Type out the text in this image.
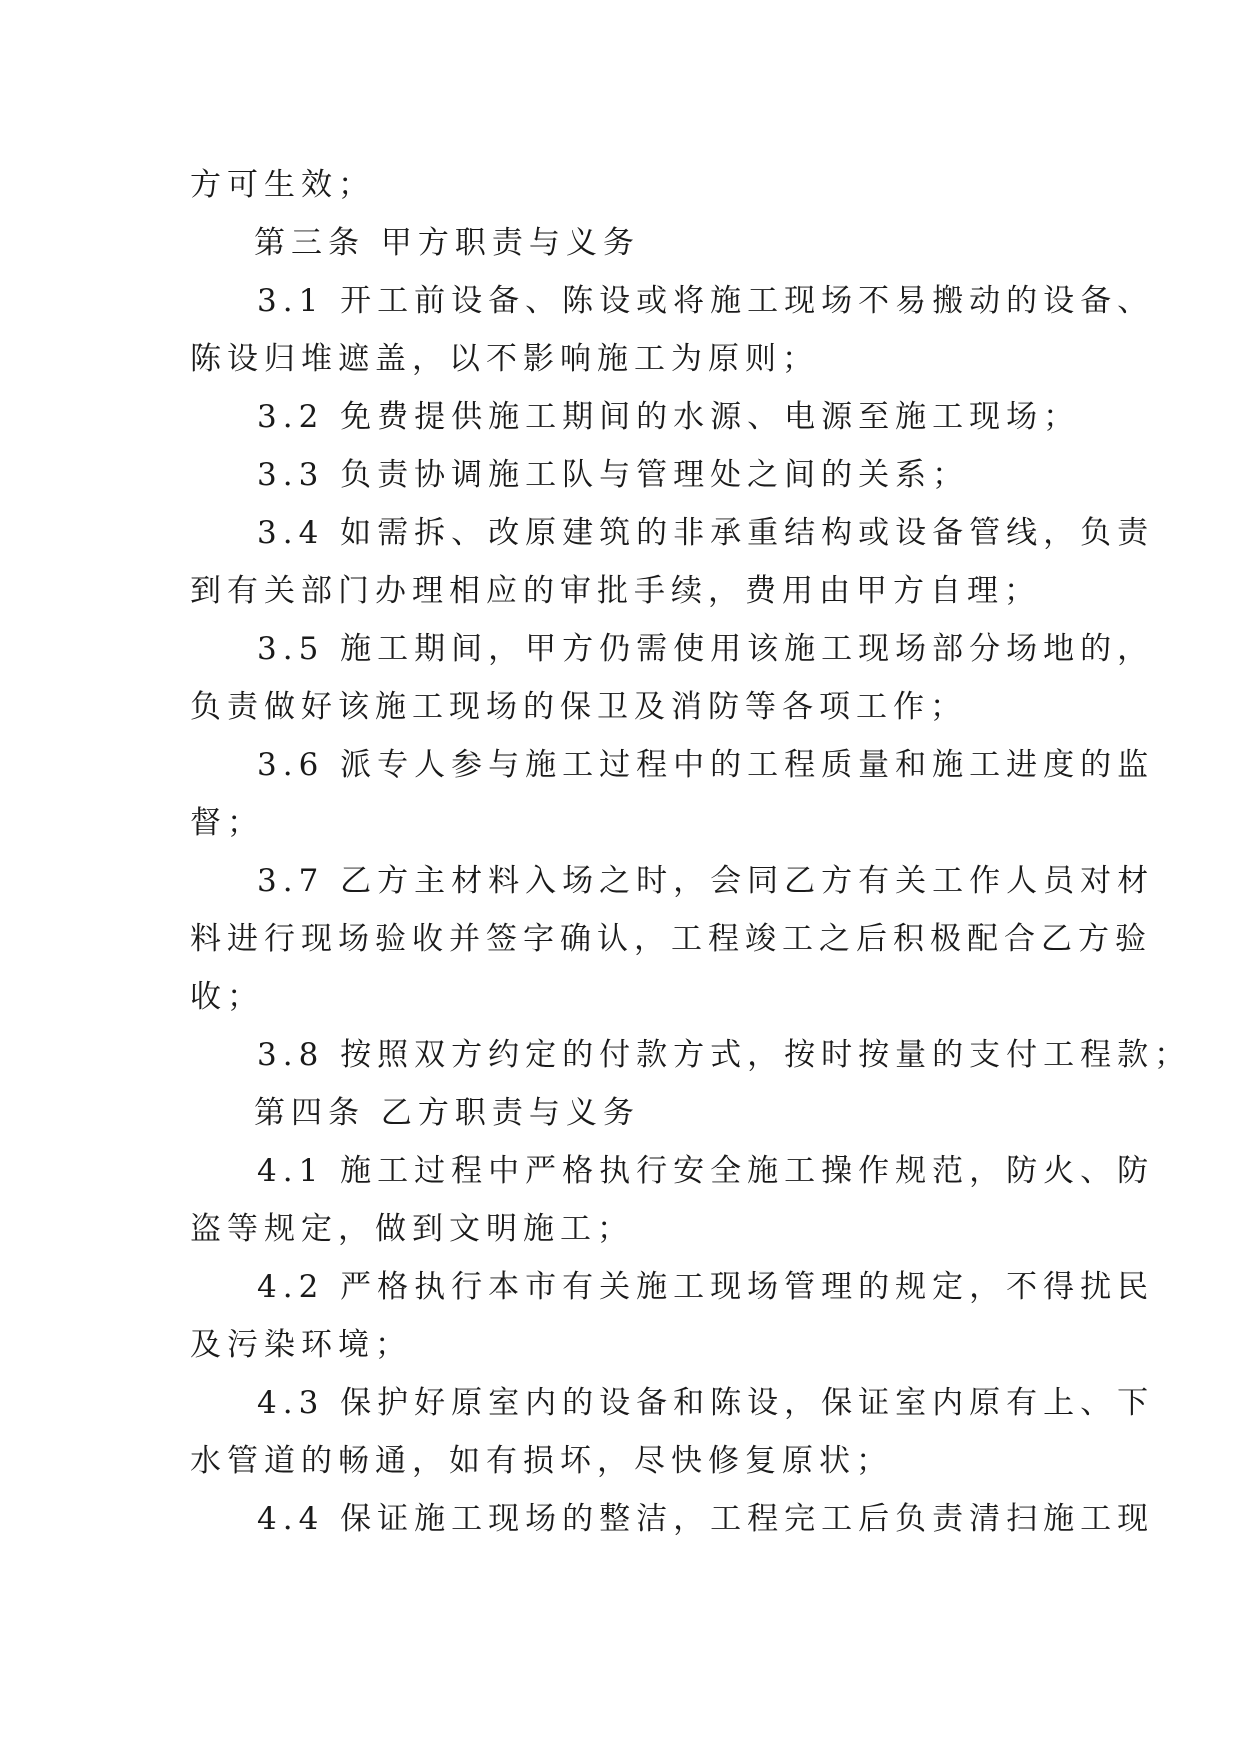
方可生效；
第三条 甲方职责与义务
3.1 开工前设备、陈设或将施工现场不易搬动的设备、
陈设归堆遮盖，以不影响施工为原则；
3.2 免费提供施工期间的水源、电源至施工现场；
3.3 负责协调施工队与管理处之间的关系；
3.4 如需拆、改原建筑的非承重结构或设备管线，负责
到有关部门办理相应的审批手续，费用由甲方自理；
3.5 施工期间，甲方仍需使用该施工现场部分场地的，
负责做好该施工现场的保卫及消防等各项工作；
3.6 派专人参与施工过程中的工程质量和施工进度的监
督；
3.7 乙方主材料入场之时，会同乙方有关工作人员对材
料进行现场验收并签字确认，工程竣工之后积极配合乙方验
收；
3.8 按照双方约定的付款方式，按时按量的支付工程款；
第四条 乙方职责与义务
4.1 施工过程中严格执行安全施工操作规范，防火、防
盗等规定，做到文明施工；
4.2 严格执行本市有关施工现场管理的规定，不得扰民
及污染环境；
4.3 保护好原室内的设备和陈设，保证室内原有上、下
水管道的畅通，如有损坏，尽快修复原状；
4.4 保证施工现场的整洁，工程完工后负责清扫施工现
